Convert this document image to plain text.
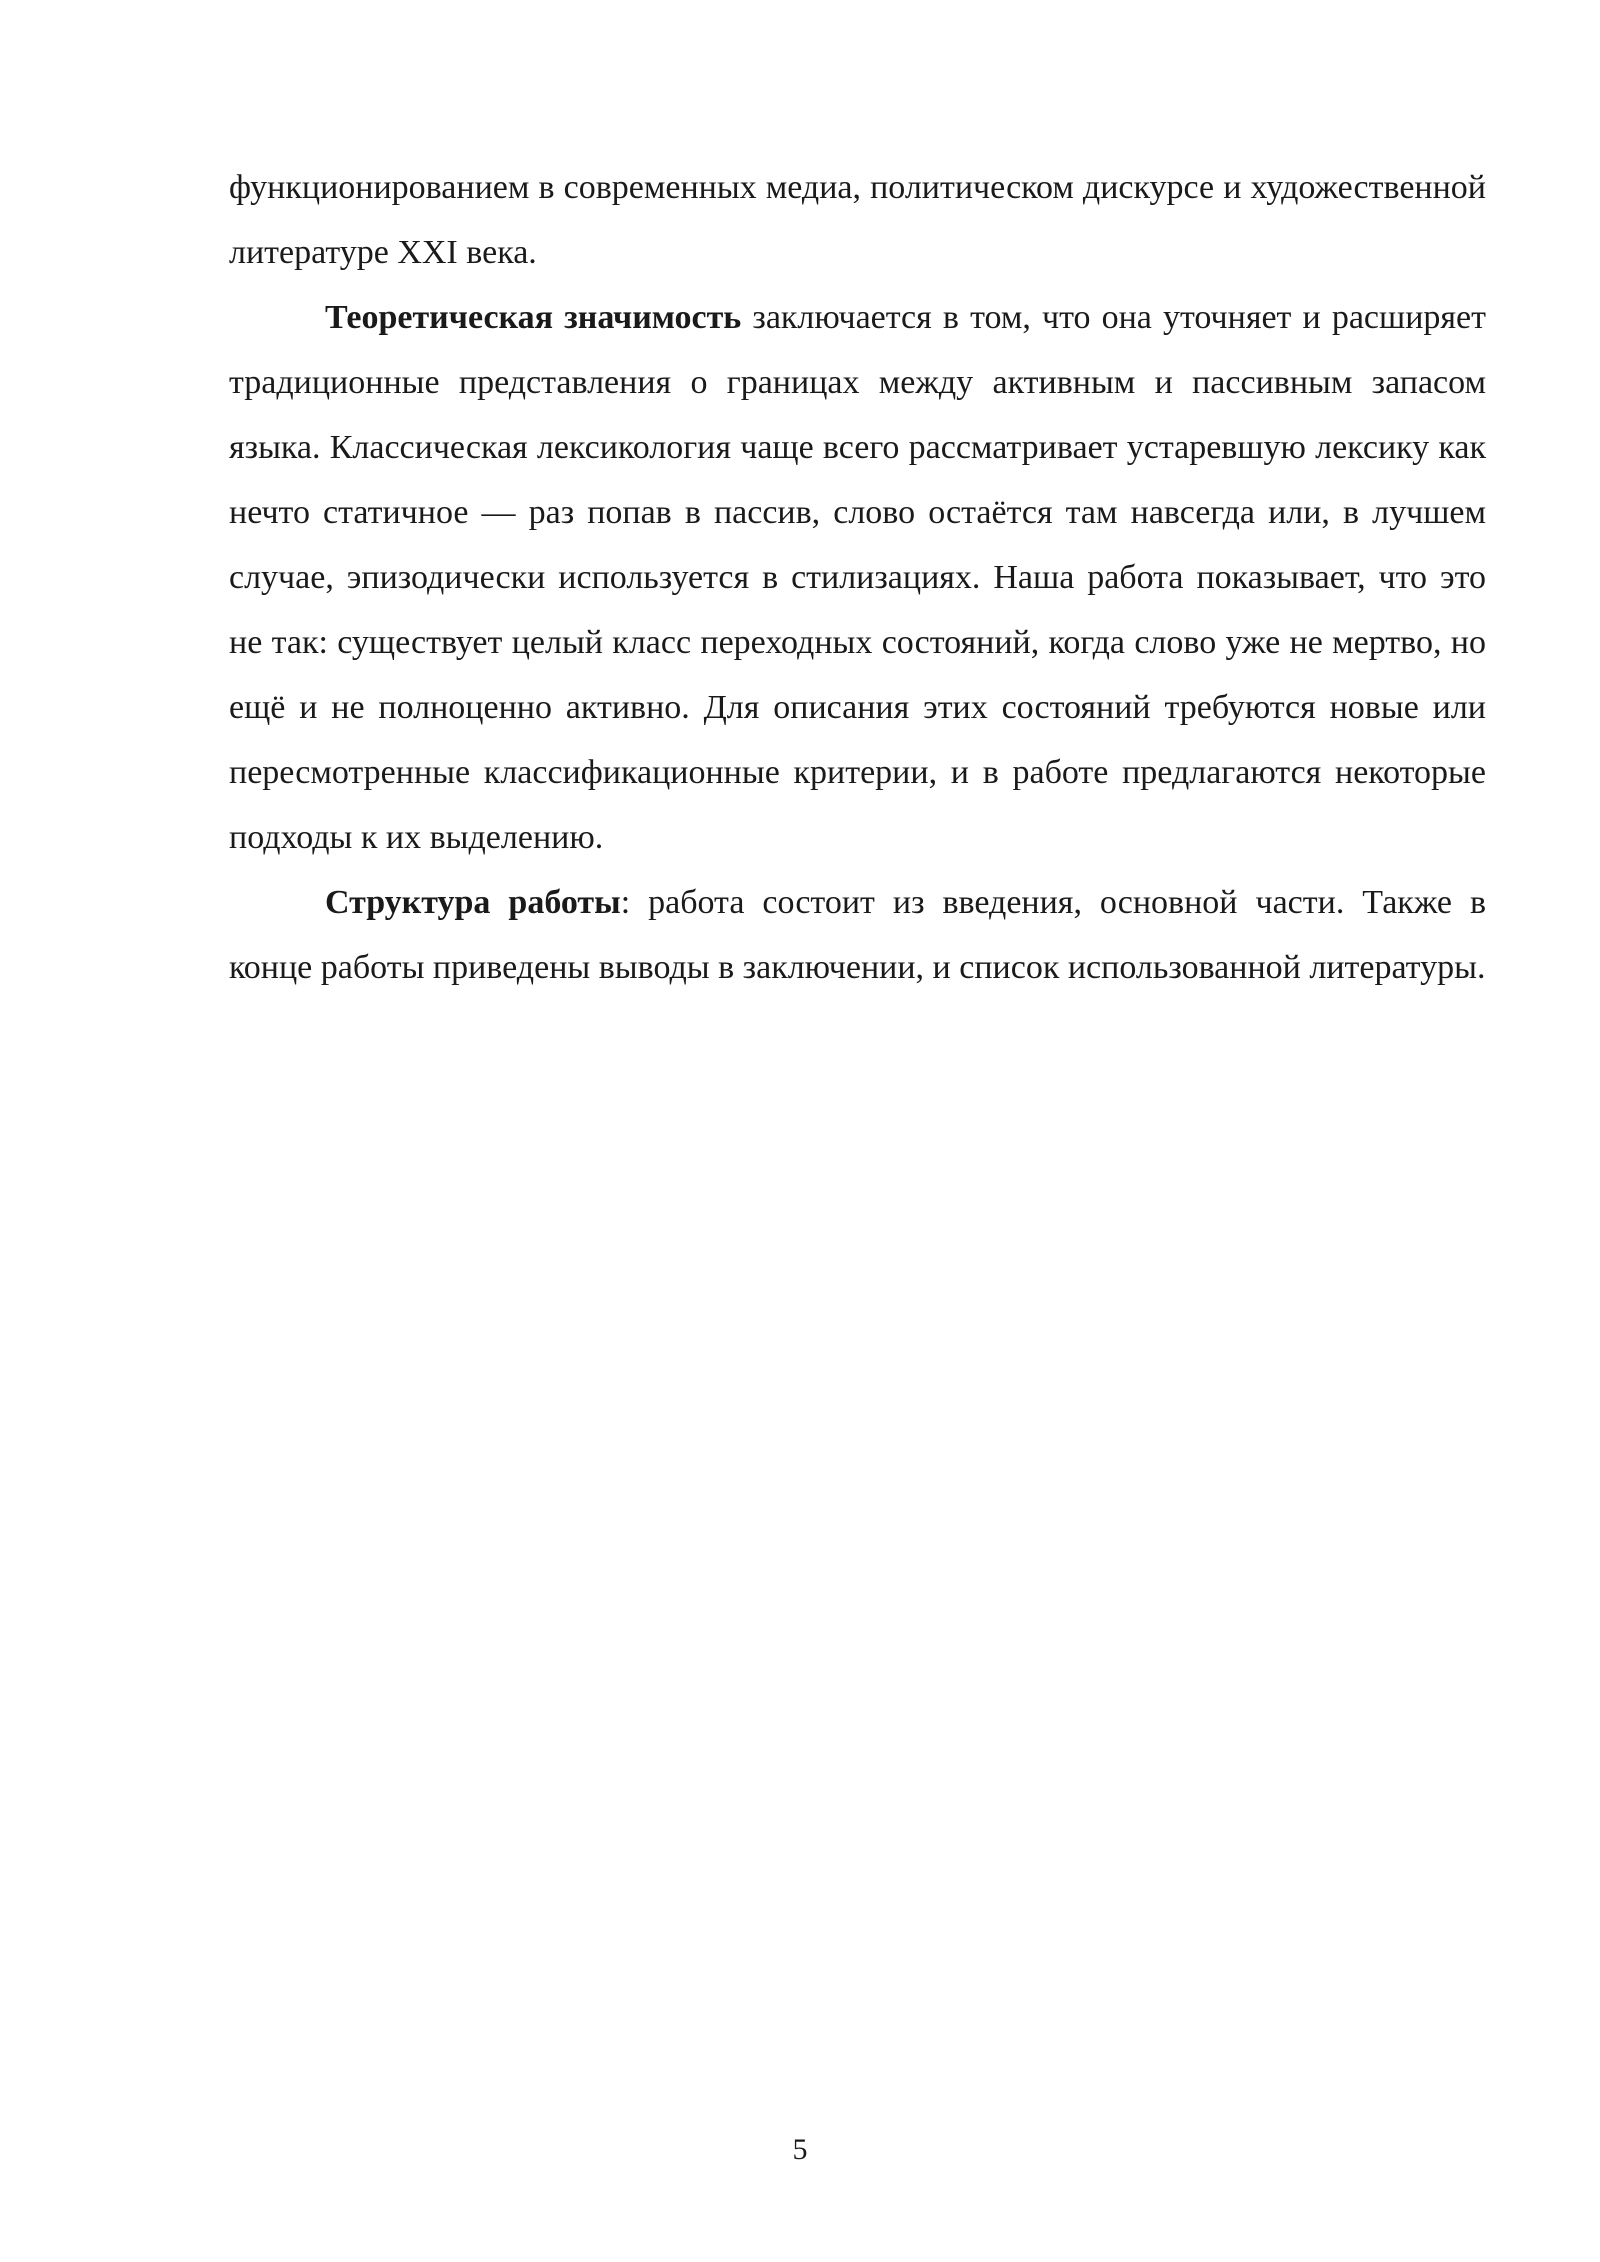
функционированием в современных медиа, политическом дискурсе и художественной литературе XXI века.

Теоретическая значимость заключается в том, что она уточняет и расширяет традиционные представления о границах между активным и пассивным запасом языка. Классическая лексикология чаще всего рассматривает устаревшую лексику как нечто статичное — раз попав в пассив, слово остаётся там навсегда или, в лучшем случае, эпизодически используется в стилизациях. Наша работа показывает, что это не так: существует целый класс переходных состояний, когда слово уже не мертво, но ещё и не полноценно активно. Для описания этих состояний требуются новые или пересмотренные классификационные критерии, и в работе предлагаются некоторые подходы к их выделению.

Структура работы: работа состоит из введения, основной части. Также в конце работы приведены выводы в заключении, и список использованной литературы.

5
